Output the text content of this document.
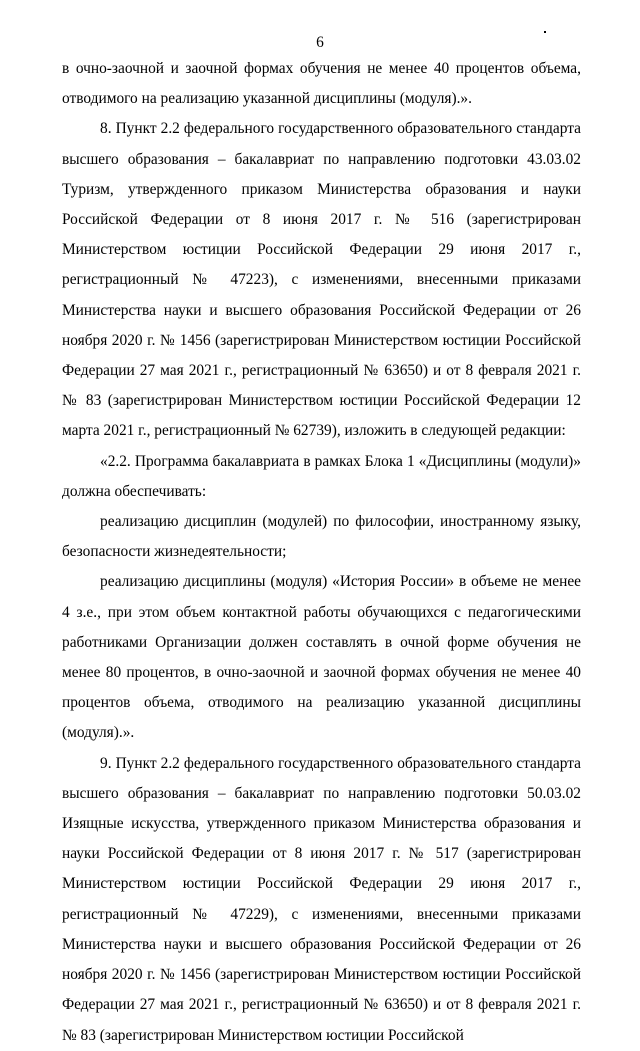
6

в очно-заочной и заочной формах обучения не менее 40 процентов объема, отводимого на реализацию указанной дисциплины (модуля).».

8. Пункт 2.2 федерального государственного образовательного стандарта высшего образования – бакалавриат по направлению подготовки 43.03.02 Туризм, утвержденного приказом Министерства образования и науки Российской Федерации от 8 июня 2017 г. № 516 (зарегистрирован Министерством юстиции Российской Федерации 29 июня 2017 г., регистрационный № 47223), с изменениями, внесенными приказами Министерства науки и высшего образования Российской Федерации от 26 ноября 2020 г. № 1456 (зарегистрирован Министерством юстиции Российской Федерации 27 мая 2021 г., регистрационный № 63650) и от 8 февраля 2021 г. № 83 (зарегистрирован Министерством юстиции Российской Федерации 12 марта 2021 г., регистрационный № 62739), изложить в следующей редакции:

«2.2. Программа бакалавриата в рамках Блока 1 «Дисциплины (модули)» должна обеспечивать:

реализацию дисциплин (модулей) по философии, иностранному языку, безопасности жизнедеятельности;

реализацию дисциплины (модуля) «История России» в объеме не менее 4 з.е., при этом объем контактной работы обучающихся с педагогическими работниками Организации должен составлять в очной форме обучения не менее 80 процентов, в очно-заочной и заочной формах обучения не менее 40 процентов объема, отводимого на реализацию указанной дисциплины (модуля).».

9. Пункт 2.2 федерального государственного образовательного стандарта высшего образования – бакалавриат по направлению подготовки 50.03.02 Изящные искусства, утвержденного приказом Министерства образования и науки Российской Федерации от 8 июня 2017 г. № 517 (зарегистрирован Министерством юстиции Российской Федерации 29 июня 2017 г., регистрационный № 47229), с изменениями, внесенными приказами Министерства науки и высшего образования Российской Федерации от 26 ноября 2020 г. № 1456 (зарегистрирован Министерством юстиции Российской Федерации 27 мая 2021 г., регистрационный № 63650) и от 8 февраля 2021 г. № 83 (зарегистрирован Министерством юстиции Российской
